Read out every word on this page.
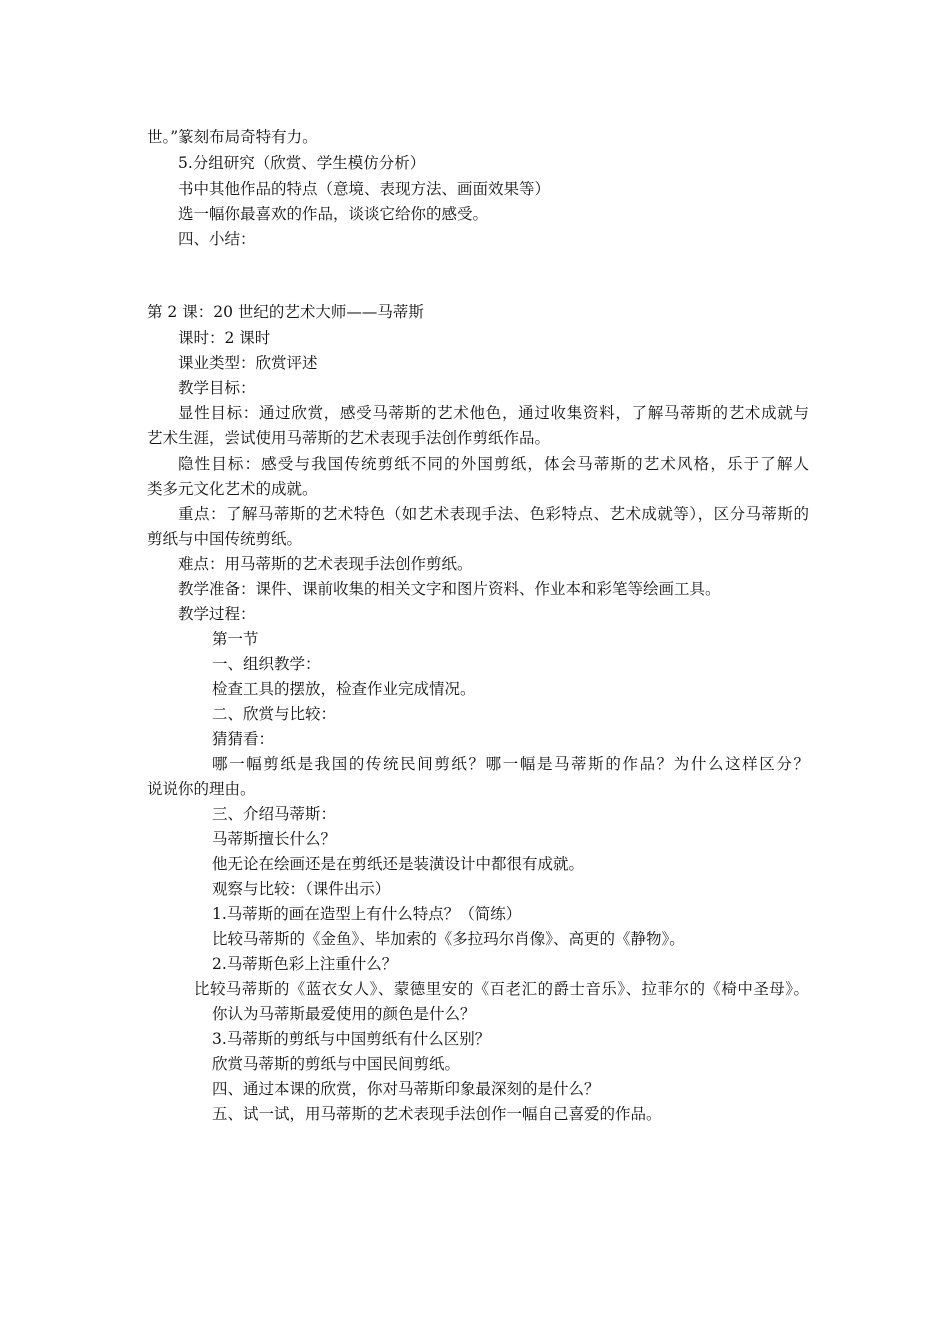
世。”篆刻布局奇特有力。
5.分组研究（欣赏、学生模仿分析）
书中其他作品的特点（意境、表现方法、画面效果等）
选一幅你最喜欢的作品，谈谈它给你的感受。
四、小结：
第 2 课：20 世纪的艺术大师——马蒂斯
课时：2 课时
课业类型：欣赏评述
教学目标：
显性目标：通过欣赏，感受马蒂斯的艺术他色，通过收集资料，了解马蒂斯的艺术成就与
艺术生涯，尝试使用马蒂斯的艺术表现手法创作剪纸作品。
隐性目标：感受与我国传统剪纸不同的外国剪纸，体会马蒂斯的艺术风格，乐于了解人
类多元文化艺术的成就。
重点：了解马蒂斯的艺术特色（如艺术表现手法、色彩特点、艺术成就等），区分马蒂斯的
剪纸与中国传统剪纸。
难点：用马蒂斯的艺术表现手法创作剪纸。
教学准备：课件、课前收集的相关文字和图片资料、作业本和彩笔等绘画工具。
教学过程：
第一节
一、组织教学：
检查工具的摆放，检查作业完成情况。
二、欣赏与比较：
猜猜看：
哪一幅剪纸是我国的传统民间剪纸？哪一幅是马蒂斯的作品？为什么这样区分？
说说你的理由。
三、介绍马蒂斯：
马蒂斯擅长什么？
他无论在绘画还是在剪纸还是装潢设计中都很有成就。
观察与比较：（课件出示）
1.马蒂斯的画在造型上有什么特点？（简练）
比较马蒂斯的《金鱼》、毕加索的《多拉玛尔肖像》、高更的《静物》。
2.马蒂斯色彩上注重什么？
比较马蒂斯的《蓝衣女人》、蒙德里安的《百老汇的爵士音乐》、拉菲尔的《椅中圣母》。
你认为马蒂斯最爱使用的颜色是什么？
3.马蒂斯的剪纸与中国剪纸有什么区别？
欣赏马蒂斯的剪纸与中国民间剪纸。
四、通过本课的欣赏，你对马蒂斯印象最深刻的是什么？
五、试一试，用马蒂斯的艺术表现手法创作一幅自己喜爱的作品。
